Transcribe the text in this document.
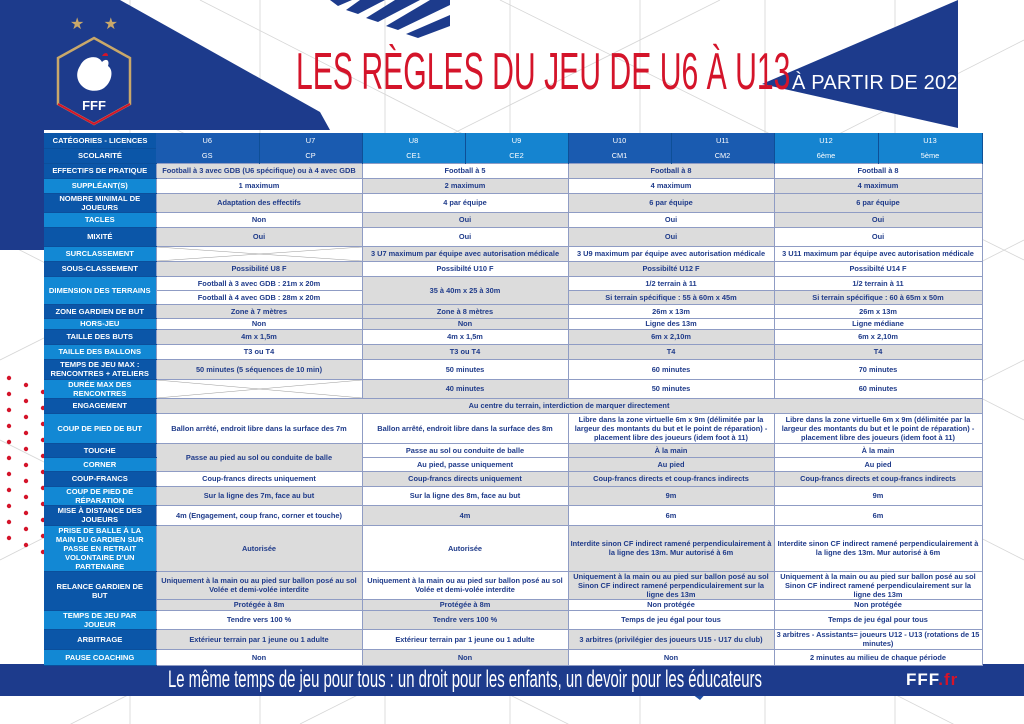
★ ★
FFF
LES RÈGLES DU JEU DE U6 À U13 À PARTIR DE 2022
CATÉGORIES - LICENCES	U6	U7	U8	U9	U10	U11	U12	U13
SCOLARITÉ	GS	CP	CE1	CE2	CM1	CM2	6ème	5ème
EFFECTIFS DE PRATIQUE	Football à 3 avec GDB (U6 spécifique) ou à 4 avec GDB		Football à 5		Football à 8		Football à 8	
SUPPLÉANT(S)	1 maximum		2 maximum		4 maximum		4 maximum	
NOMBRE MINIMAL DE JOUEURS	Adaptation des effectifs		4 par équipe		6 par équipe		6 par équipe	
TACLES	Non		Oui		Oui		Oui	
MIXITÉ	Oui		Oui		Oui		Oui	
SURCLASSEMENT			3 U7 maximum par équipe avec autorisation médicale		3 U9 maximum par équipe avec autorisation médicale		3 U11 maximum par équipe avec autorisation médicale	
SOUS-CLASSEMENT	Possibilité U8 F		Possibilté U10 F		Possibilté U12 F		Possibilté U14 F	
DIMENSION DES TERRAINS	Football à 3 avec GDB : 21m x 20m		35 à 40m x 25 à 30m		1/2 terrain à 11		1/2 terrain à 11	
	Football à 4 avec GDB : 28m x 20m				Si terrain spécifique : 55 à 60m x 45m		Si terrain spécifique : 60 à 65m x 50m	
ZONE GARDIEN DE BUT	Zone à 7 mètres		Zone à 8 mètres		26m x 13m		26m x 13m	
HORS-JEU	Non		Non		Ligne des 13m		Ligne médiane	
TAILLE DES BUTS	4m x 1,5m		4m x 1,5m		6m x 2,10m		6m x 2,10m	
TAILLE DES BALLONS	T3 ou T4		T3 ou T4		T4		T4	
TEMPS DE JEU MAX : RENCONTRES + ATELIERS	50 minutes (5 séquences de 10 min)		50 minutes		60 minutes		70 minutes	
DURÉE MAX DES RENCONTRES			40 minutes		50 minutes		60 minutes	
ENGAGEMENT	Au centre du terrain, interdiction de marquer directement							
COUP DE PIED DE BUT	Ballon arrêté, endroit libre dans la surface des 7m		Ballon arrêté, endroit libre dans la surface des 8m		Libre dans la zone virtuelle 6m x 9m (délimitée par la largeur des montants du but et le point de réparation) - placement libre des joueurs (idem foot à 11)		Libre dans la zone virtuelle 6m x 9m (délimitée par la largeur des montants du but et le point de réparation) - placement libre des joueurs (idem foot à 11)	
TOUCHE	Passe au pied au sol ou conduite de balle		Passe au sol ou conduite de balle		À la main		À la main	
CORNER			Au pied, passe uniquement		Au pied		Au pied	
COUP-FRANCS	Coup-francs directs uniquement		Coup-francs directs uniquement		Coup-francs directs et coup-francs indirects		Coup-francs directs et coup-francs indirects	
COUP DE PIED DE RÉPARATION	Sur la ligne des 7m, face au but		Sur la ligne des 8m, face au but		9m		9m	
MISE À DISTANCE DES JOUEURS	4m (Engagement, coup franc, corner et touche)		4m		6m		6m	
PRISE DE BALLE À LA MAIN DU GARDIEN SUR PASSE EN RETRAIT VOLONTAIRE D'UN PARTENAIRE	Autorisée		Autorisée		Interdite sinon CF indirect ramené perpendiculairement à la ligne des 13m. Mur autorisé à 6m		Interdite sinon CF indirect ramené perpendiculairement à la ligne des 13m. Mur autorisé à 6m	
RELANCE GARDIEN DE BUT	Uniquement à la main ou au pied sur ballon posé au sol Volée et demi-volée interdite		Uniquement à la main ou au pied sur ballon posé au sol Volée et demi-volée interdite		Uniquement à la main ou au pied sur ballon posé au sol Sinon CF indirect ramené perpendiculairement sur la ligne des 13m		Uniquement à la main ou au pied sur ballon posé au sol Sinon CF indirect ramené perpendiculairement sur la ligne des 13m	
	Protégée à 8m		Protégée à 8m		Non protégée		Non protégée	
TEMPS DE JEU PAR JOUEUR	Tendre vers 100 %		Tendre vers 100 %		Temps de jeu égal pour tous		Temps de jeu égal pour tous	
ARBITRAGE	Extérieur terrain par 1 jeune ou 1 adulte		Extérieur terrain par 1 jeune ou 1 adulte		3 arbitres (privilégier des joueurs U15 - U17 du club)		3 arbitres - Assistants= joueurs U12 - U13 (rotations de 15 minutes)	
PAUSE COACHING	Non		Non		Non		2 minutes au milieu de chaque période	
Le même temps de jeu pour tous : un droit pour les enfants, un devoir pour les éducateurs	FFF.fr
